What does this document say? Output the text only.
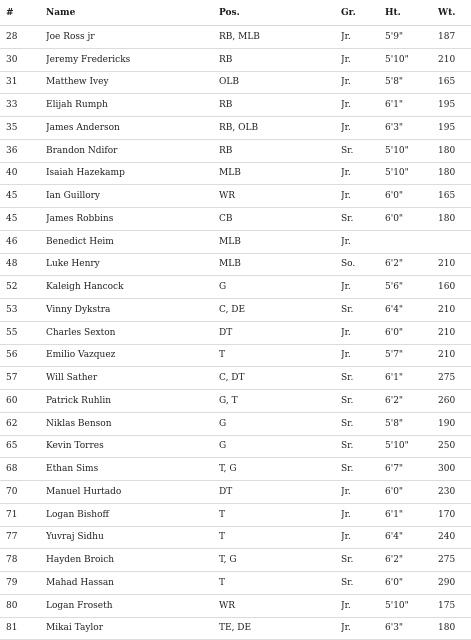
#	Name	Pos.	Gr.	Ht.	Wt.
28	Joe Ross jr	RB, MLB	Jr.	5'9"	187
30	Jeremy Fredericks	RB	Jr.	5'10"	210
31	Matthew Ivey	OLB	Jr.	5'8"	165
33	Elijah Rumph	RB	Jr.	6'1"	195
35	James Anderson	RB, OLB	Jr.	6'3"	195
36	Brandon Ndifor	RB	Sr.	5'10"	180
40	Isaiah Hazekamp	MLB	Jr.	5'10"	180
45	Ian Guillory	WR	Jr.	6'0"	165
45	James Robbins	CB	Sr.	6'0"	180
46	Benedict Heim	MLB	Jr.		
48	Luke Henry	MLB	So.	6'2"	210
52	Kaleigh Hancock	G	Jr.	5'6"	160
53	Vinny Dykstra	C, DE	Sr.	6'4"	210
55	Charles Sexton	DT	Jr.	6'0"	210
56	Emilio Vazquez	T	Jr.	5'7"	210
57	Will Sather	C, DT	Sr.	6'1"	275
60	Patrick Ruhlin	G, T	Sr.	6'2"	260
62	Niklas Benson	G	Sr.	5'8"	190
65	Kevin Torres	G	Sr.	5'10"	250
68	Ethan Sims	T, G	Sr.	6'7"	300
70	Manuel Hurtado	DT	Jr.	6'0"	230
71	Logan Bishoff	T	Jr.	6'1"	170
77	Yuvraj Sidhu	T	Jr.	6'4"	240
78	Hayden Broich	T, G	Sr.	6'2"	275
79	Mahad Hassan	T	Sr.	6'0"	290
80	Logan Froseth	WR	Jr.	5'10"	175
81	Mikai Taylor	TE, DE	Jr.	6'3"	180
